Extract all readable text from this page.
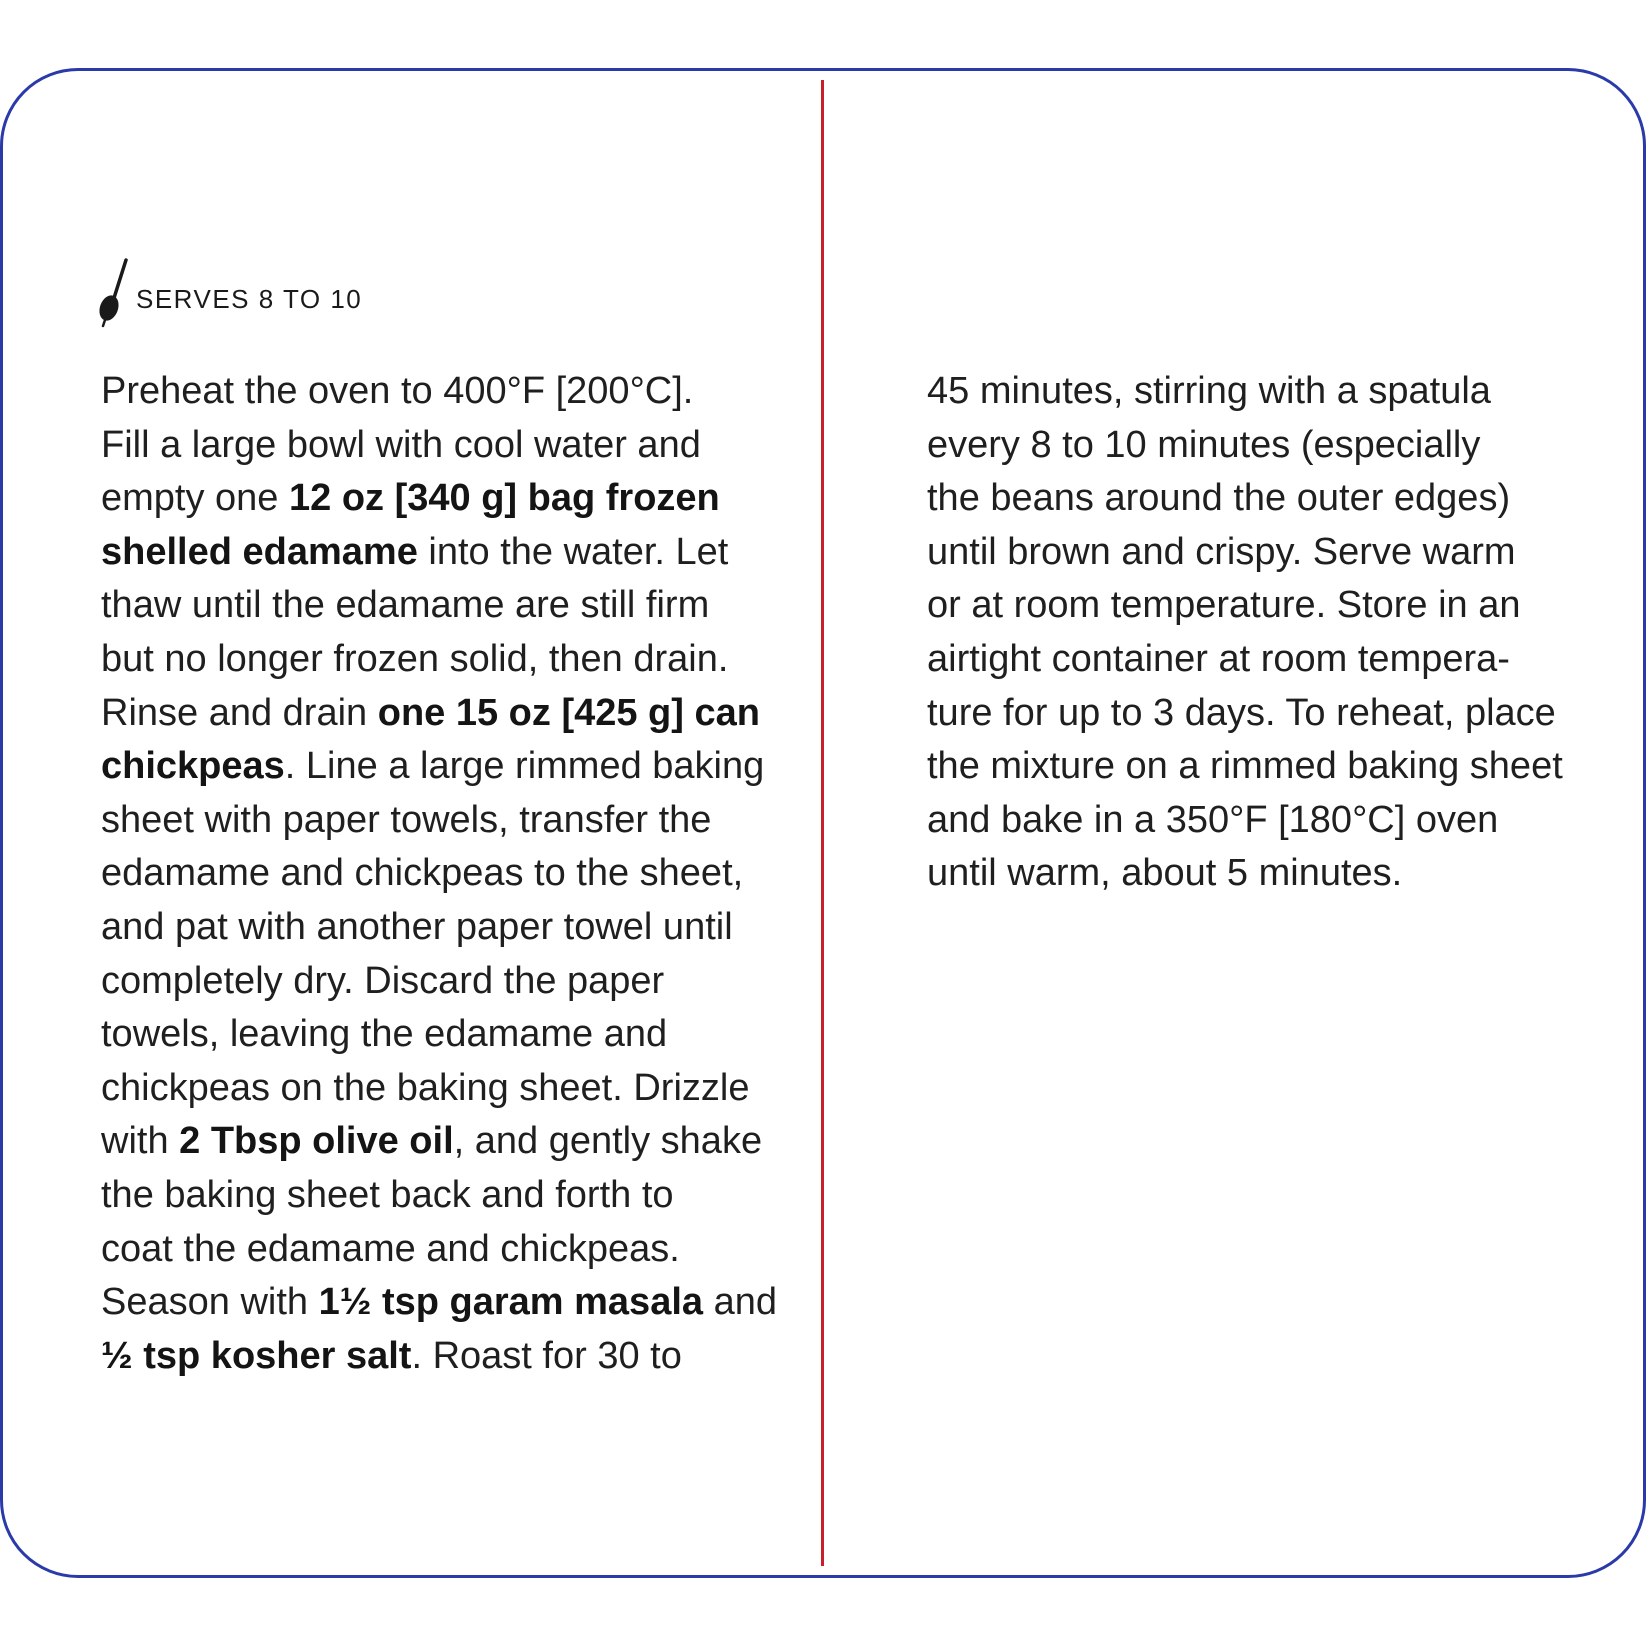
SERVES 8 TO 10
Preheat the oven to 400°F [200°C].
Fill a large bowl with cool water and
empty one 12 oz [340 g] bag frozen
shelled edamame into the water. Let
thaw until the edamame are still firm
but no longer frozen solid, then drain.
Rinse and drain one 15 oz [425 g] can
chickpeas. Line a large rimmed baking
sheet with paper towels, transfer the
edamame and chickpeas to the sheet,
and pat with another paper towel until
completely dry. Discard the paper
towels, leaving the edamame and
chickpeas on the baking sheet. Drizzle
with 2 Tbsp olive oil, and gently shake
the baking sheet back and forth to
coat the edamame and chickpeas.
Season with 1½ tsp garam masala and
½ tsp kosher salt. Roast for 30 to
45 minutes, stirring with a spatula
every 8 to 10 minutes (especially
the beans around the outer edges)
until brown and crispy. Serve warm
or at room temperature. Store in an
airtight container at room tempera-
ture for up to 3 days. To reheat, place
the mixture on a rimmed baking sheet
and bake in a 350°F [180°C] oven
until warm, about 5 minutes.
